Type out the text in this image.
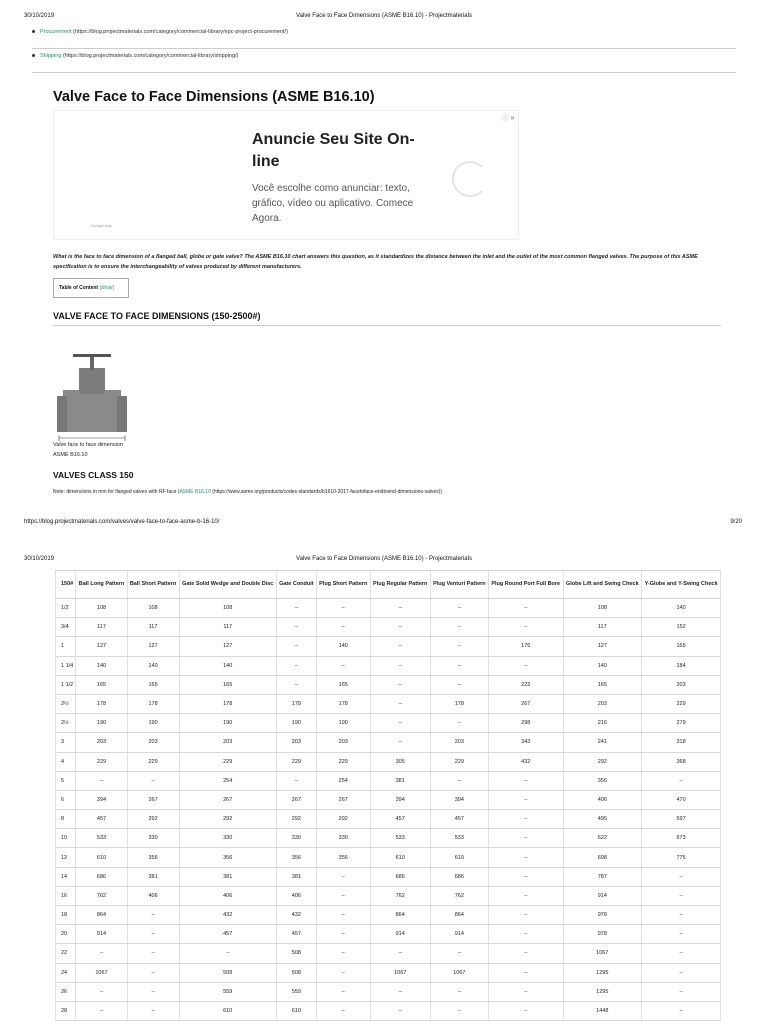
30/10/2019	Valve Face to Face Dimensions (ASME B16.10) - Projectmaterials
Procurement (https://blog.projectmaterials.com/category/commercial-library/epc-project-procurement/)
Shipping (https://blog.projectmaterials.com/category/commercial-library/shipping/)
Valve Face to Face Dimensions (ASME B16.10)
ⓘ ✕
Anuncie Seu Site On-line
Você escolhe como anunciar: texto, gráfico, vídeo ou aplicativo. Comece Agora.
Google Ads
What is the face to face dimension of a flanged ball, globe or gate valve? The ASME B16.10 chart answers this question, as it standardizes the distance between the inlet and the outlet of the most common flanged valves. The purpose of this ASME specification is to ensure the interchangeability of valves produced by different manufacturers.
Table of Content [show]
VALVE FACE TO FACE DIMENSIONS (150-2500#)
Valve face to face dimension
ASME B16.10
VALVES CLASS 150
Note: dimensions in mm for flanged valves with RF face (ASME B16.10 (https://www.asme.org/products/codes-standards/b1610-2017-facetoface-endtoend-dimensions-valves))
https://blog.projectmaterials.com/valves/valve-face-to-face-asme-b-16-10/	9/20
30/10/2019	Valve Face to Face Dimensions (ASME B16.10) - Projectmaterials
150#	Ball Long Pattern	Ball Short Pattern	Gate Solid Wedge and Double Disc	Gate Conduit	Plug Short Pattern	Plug Regular Pattern	Plug Venturi Pattern	Plug Round Port Full Bore	Globe Lift and Swing Check	Y-Globe and Y-Swing Check
1/2	108	108	108	–	–	–	–	–	108	140
3/4	117	117	117	–	–	–	–	–	117	152
1	127	127	127	–	140	–	–	176	127	165
1 1/4	140	140	140	–	–	–	–	–	140	184
1 1/2	165	165	165	–	165	–	–	222	165	203
2½	178	178	178	178	178	–	178	267	203	229
2½	190	190	190	190	190	–	–	298	216	279
3	203	203	203	203	203	–	203	343	241	318
4	229	229	229	229	229	305	229	432	292	368
5	–	–	254	–	254	381	–	–	356	–
6	394	267	267	267	267	394	394	–	406	470
8	457	292	292	292	292	457	457	–	495	597
10	533	330	330	330	330	533	533	–	622	673
12	610	356	356	356	356	610	610	–	698	775
14	686	381	381	381	–	686	686	–	787	–
16	762	406	406	406	–	762	762	–	914	–
18	864	–	432	432	–	864	864	–	978	–
20	914	–	457	457	–	914	914	–	978	–
22	–	–	–	508	–	–	–	–	1067	–
24	1067	–	508	508	–	1067	1067	–	1295	–
26	–	–	559	559	–	–	–	–	1295	–
28	–	–	610	610	–	–	–	–	1448	–
